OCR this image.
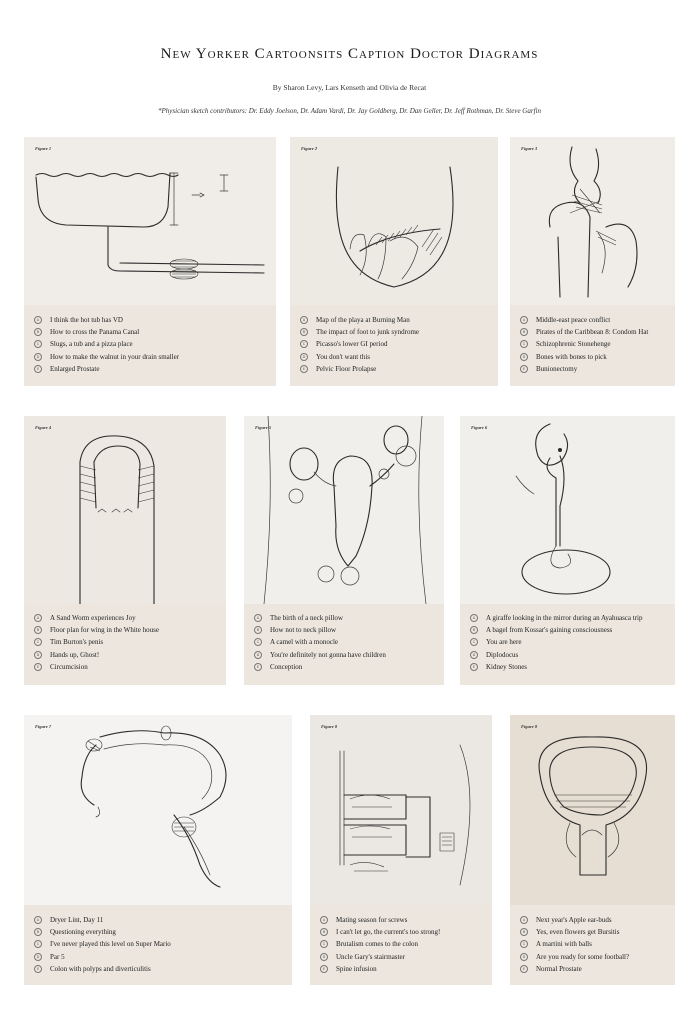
New Yorker Cartoonsits Caption Doctor Diagrams
By Sharon Levy, Lars Kenseth and Olivia de Recat
*Physician sketch contributors: Dr. Eddy Joelson, Dr. Adam Vardi, Dr. Jay Goldberg, Dr. Dan Geller, Dr. Jeff Rothman, Dr. Steve Garfin
Figure 1
A	I think the hot tub has VD
B	How to cross the Panama Canal
C	Slugs, a tub and a pizza place
D	How to make the walnut in your drain smaller
E	Enlarged Prostate
Figure 2
A	Map of the playa at Burning Man
B	The impact of foot to junk syndrome
C	Picasso's lower GI period
D	You don't want this
E	Pelvic Floor Prolapse
Figure 3
A	Middle-east peace conflict
B	Pirates of the Caribbean 8: Condom Hat
C	Schizophrenic Stonehenge
D	Bones with bones to pick
E	Bunionectomy
Figure 4
A	A Sand Worm experiences Joy
B	Floor plan for wing in the White house
C	Tim Burton's penis
D	Hands up, Ghost!
E	Circumcision
Figure 5
A	The birth of a neck pillow
B	How not to neck pillow
C	A camel with a monocle
D	You're definitely not gonna have children
E	Conception
Figure 6
A	A giraffe looking in the mirror during an Ayahuasca trip
B	A bagel from Kossar's gaining consciousness
C	You are here
D	Diplodocus
E	Kidney Stones
Figure 7
A	Dryer Lint, Day 11
B	Questioning everything
C	I've never played this level on Super Mario
D	Par 5
E	Colon with polyps and diverticulitis
Figure 8
A	Mating season for screws
B	I can't let go, the current's too strong!
C	Brutalism comes to the colon
D	Uncle Gary's stairmaster
E	Spine infusion
Figure 8
A	Next year's Apple ear-buds
B	Yes, even flowers get Bursitis
C	A martini with balls
D	Are you ready for some football?
E	Normal Prostate
